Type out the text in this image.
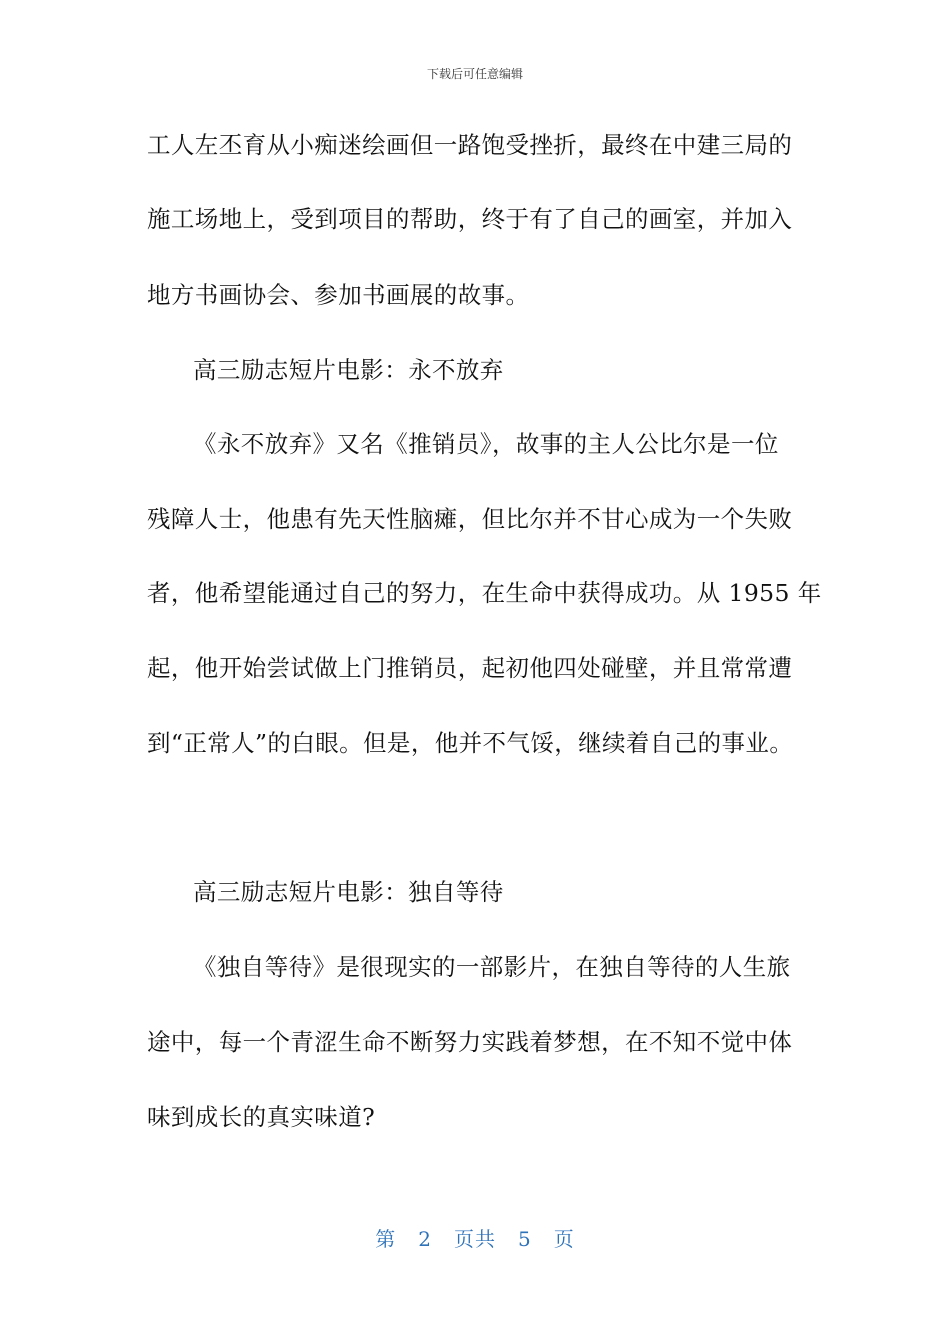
下载后可任意编辑
工人左丕育从小痴迷绘画但一路饱受挫折，最终在中建三局的
施工场地上，受到项目的帮助，终于有了自己的画室，并加入
地方书画协会、参加书画展的故事。
高三励志短片电影：永不放弃
《永不放弃》又名《推销员》，故事的主人公比尔是一位
残障人士，他患有先天性脑瘫，但比尔并不甘心成为一个失败
者，他希望能通过自己的努力，在生命中获得成功。从 1955 年
起，他开始尝试做上门推销员，起初他四处碰壁，并且常常遭
到“正常人”的白眼。但是，他并不气馁，继续着自己的事业。
高三励志短片电影：独自等待
《独自等待》是很现实的一部影片，在独自等待的人生旅
途中，每一个青涩生命不断努力实践着梦想，在不知不觉中体
味到成长的真实味道?
第 2 页共 5 页
